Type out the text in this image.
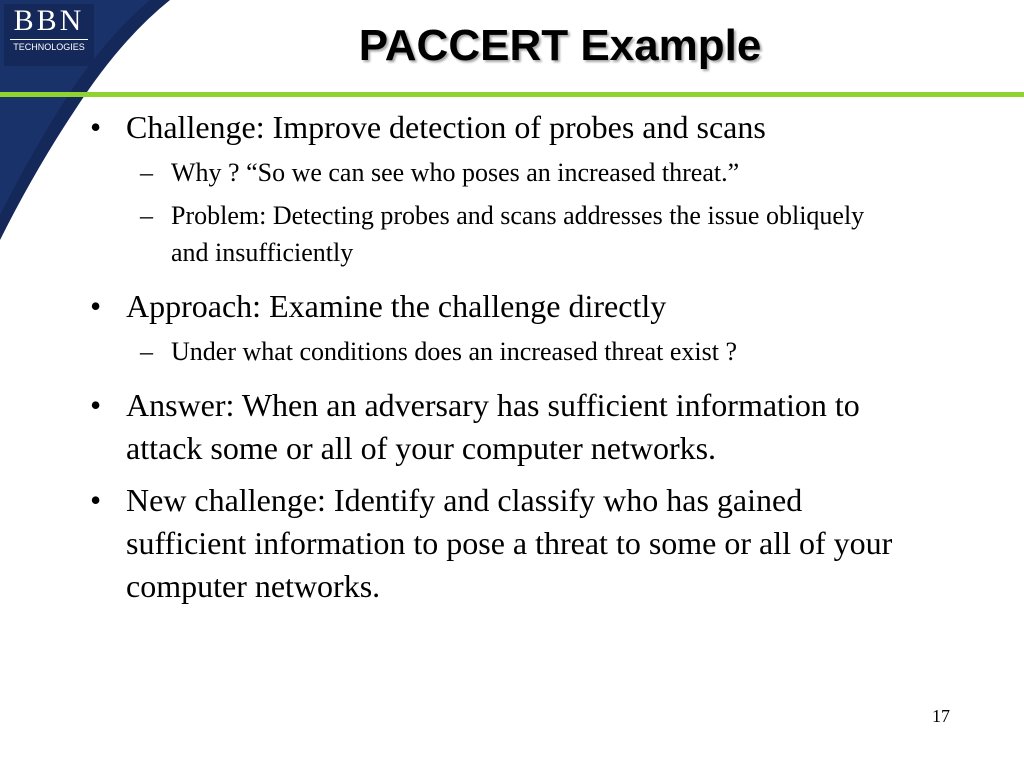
BBN
TECHNOLOGIES	PACCERT Example
• Challenge: Improve detection of probes and scans
– Why ? “So we can see who poses an increased threat.”
– Problem: Detecting probes and scans addresses the issue obliquely and insufficiently
• Approach: Examine the challenge directly
– Under what conditions does an increased threat exist ?
• Answer: When an adversary has sufficient information to attack some or all of your computer networks.
• New challenge: Identify and classify who has gained sufficient information to pose a threat to some or all of your computer networks.
17
